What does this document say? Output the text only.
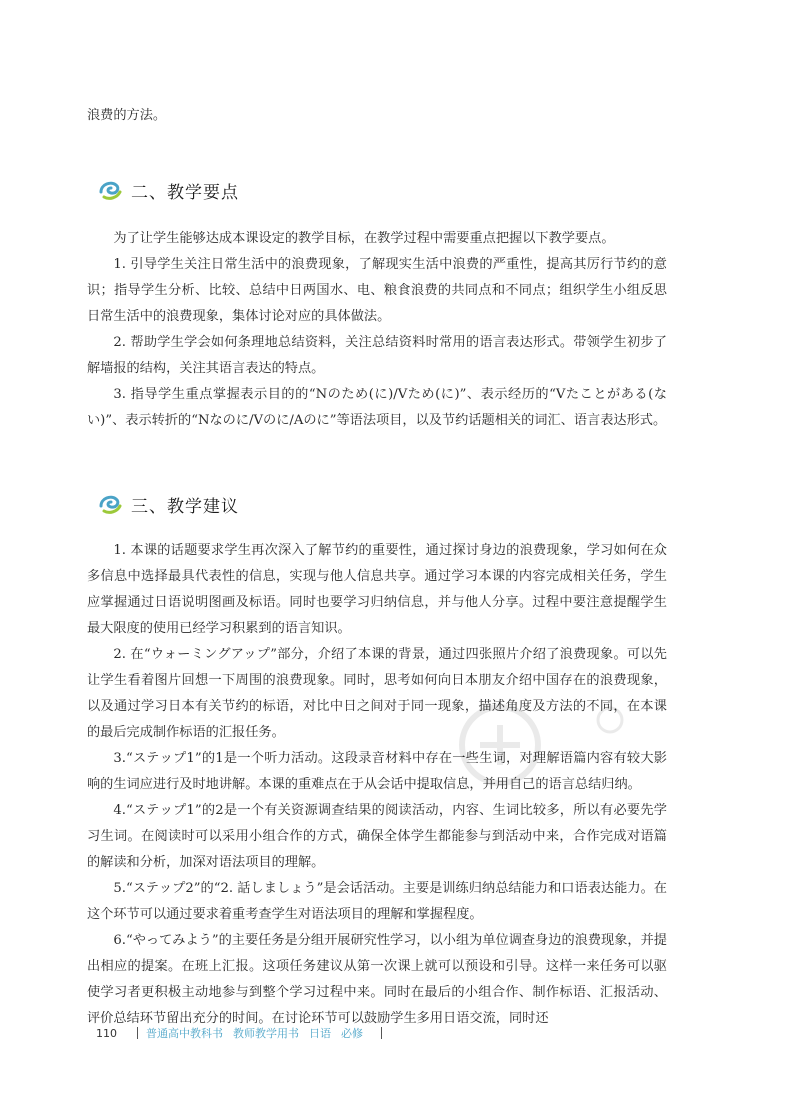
浪费的方法。

二、教学要点

为了让学生能够达成本课设定的教学目标，在教学过程中需要重点把握以下教学要点。

1. 引导学生关注日常生活中的浪费现象，了解现实生活中浪费的严重性，提高其厉行节约的意识；指导学生分析、比较、总结中日两国水、电、粮食浪费的共同点和不同点；组织学生小组反思日常生活中的浪费现象，集体讨论对应的具体做法。

2. 帮助学生学会如何条理地总结资料，关注总结资料时常用的语言表达形式。带领学生初步了解墙报的结构，关注其语言表达的特点。

3. 指导学生重点掌握表示目的的“Nのため(に)/Vため(に)”、表示经历的“Vたことがある(ない)”、表示转折的“Nなのに/Vのに/Aのに”等语法项目，以及节约话题相关的词汇、语言表达形式。

三、教学建议

1. 本课的话题要求学生再次深入了解节约的重要性，通过探讨身边的浪费现象，学习如何在众多信息中选择最具代表性的信息，实现与他人信息共享。通过学习本课的内容完成相关任务，学生应掌握通过日语说明图画及标语。同时也要学习归纳信息，并与他人分享。过程中要注意提醒学生最大限度的使用已经学习积累到的语言知识。

2. 在“ウォーミングアップ”部分，介绍了本课的背景，通过四张照片介绍了浪费现象。可以先让学生看着图片回想一下周围的浪费现象。同时，思考如何向日本朋友介绍中国存在的浪费现象，以及通过学习日本有关节约的标语，对比中日之间对于同一现象，描述角度及方法的不同，在本课的最后完成制作标语的汇报任务。

3.“ステップ1”的1是一个听力活动。这段录音材料中存在一些生词，对理解语篇内容有较大影响的生词应进行及时地讲解。本课的重难点在于从会话中提取信息，并用自己的语言总结归纳。

4.“ステップ1”的2是一个有关资源调查结果的阅读活动，内容、生词比较多，所以有必要先学习生词。在阅读时可以采用小组合作的方式，确保全体学生都能参与到活动中来，合作完成对语篇的解读和分析，加深对语法项目的理解。

5.“ステップ2”的“2. 話しましょう”是会话活动。主要是训练归纳总结能力和口语表达能力。在这个环节可以通过要求着重考查学生对语法项目的理解和掌握程度。

6.“やってみよう”的主要任务是分组开展研究性学习，以小组为单位调查身边的浪费现象，并提出相应的提案。在班上汇报。这项任务建议从第一次课上就可以预设和引导。这样一来任务可以驱使学习者更积极主动地参与到整个学习过程中来。同时在最后的小组合作、制作标语、汇报活动、评价总结环节留出充分的时间。在讨论环节可以鼓励学生多用日语交流，同时还

110	普通高中教科书 教师教学用书 日语 必修
